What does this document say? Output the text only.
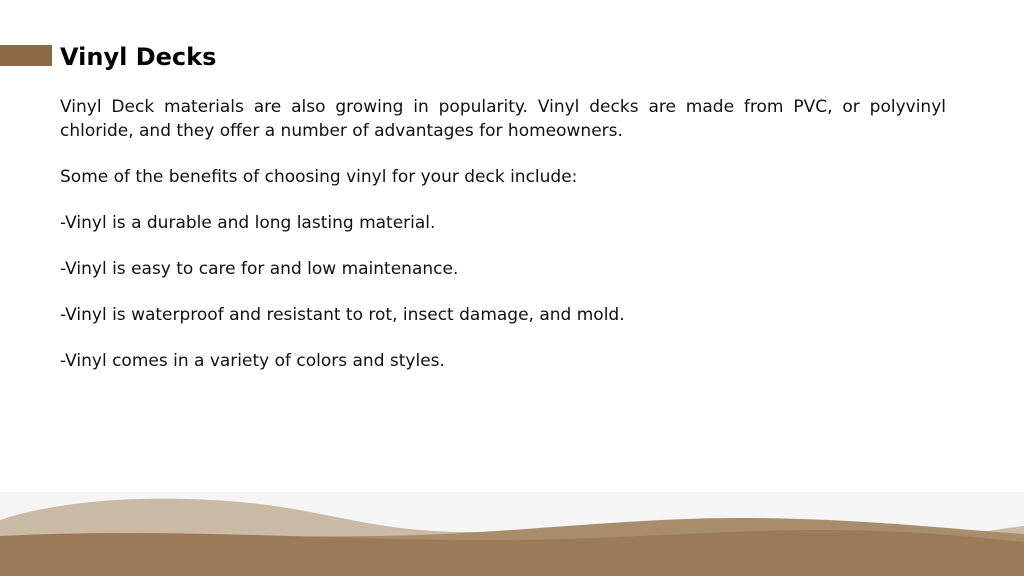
Vinyl Decks

Vinyl Deck materials are also growing in popularity. Vinyl decks are made from PVC, or polyvinyl chloride, and they offer a number of advantages for homeowners.

Some of the benefits of choosing vinyl for your deck include:

-Vinyl is a durable and long lasting material.

-Vinyl is easy to care for and low maintenance.

-Vinyl is waterproof and resistant to rot, insect damage, and mold.

-Vinyl comes in a variety of colors and styles.
